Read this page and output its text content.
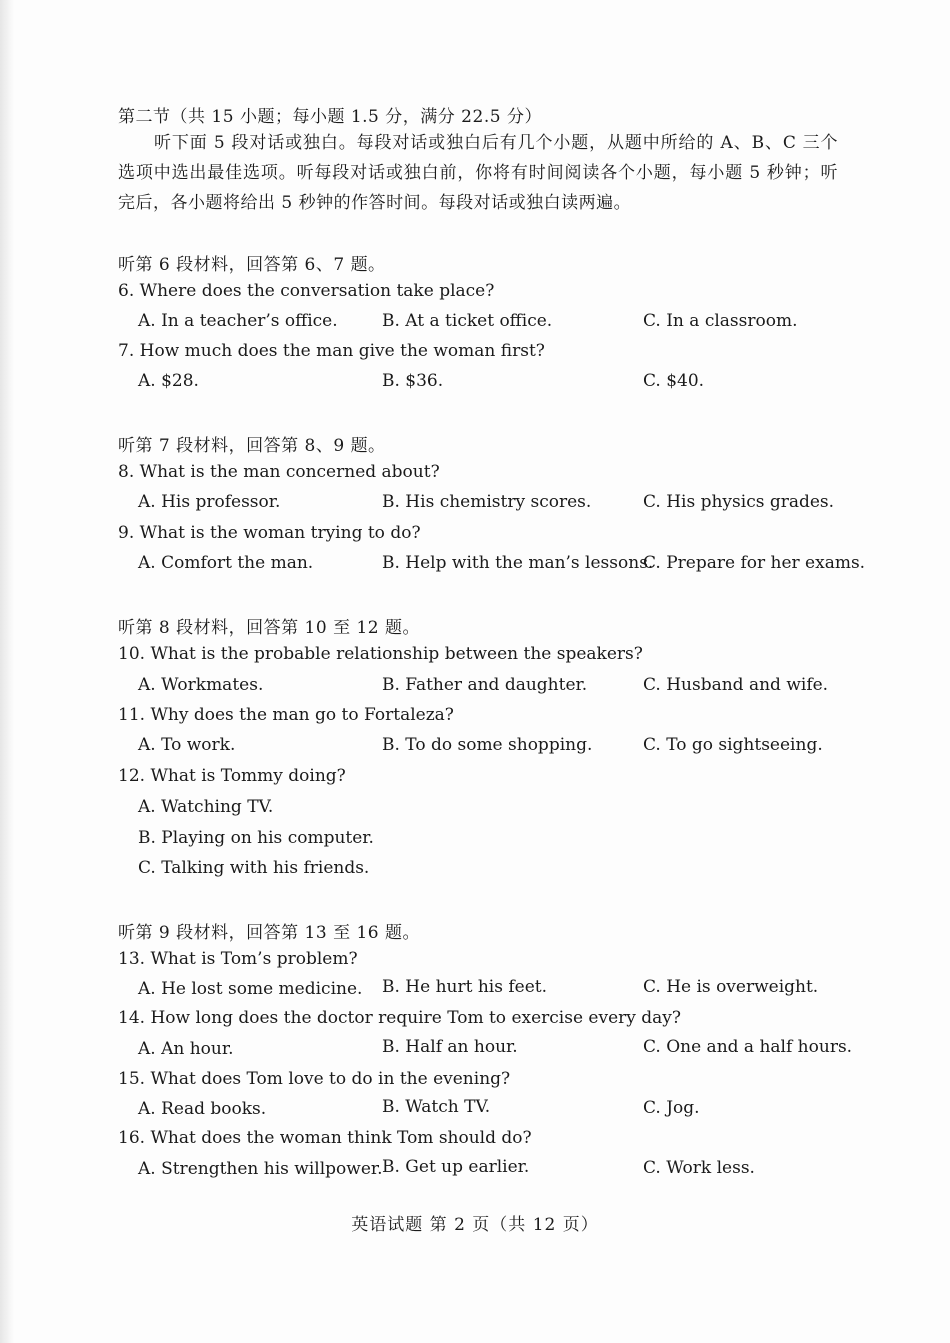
第二节（共 15 小题；每小题 1.5 分，满分 22.5 分）
听下面 5 段对话或独白。每段对话或独白后有几个小题，从题中所给的 A、B、C 三个选项中选出最佳选项。听每段对话或独白前，你将有时间阅读各个小题，每小题 5 秒钟；听完后，各小题将给出 5 秒钟的作答时间。每段对话或独白读两遍。
听第 6 段材料，回答第 6、7 题。
6. Where does the conversation take place?
A. In a teacher’s office.	B. At a ticket office.	C. In a classroom.
7. How much does the man give the woman first?
A. $28.	B. $36.	C. $40.
听第 7 段材料，回答第 8、9 题。
8. What is the man concerned about?
A. His professor.	B. His chemistry scores.	C. His physics grades.
9. What is the woman trying to do?
A. Comfort the man.	B. Help with the man’s lessons.
C. Prepare for her exams.
听第 8 段材料，回答第 10 至 12 题。
10. What is the probable relationship between the speakers?
A. Workmates.	B. Father and daughter.	C. Husband and wife.
11. Why does the man go to Fortaleza?
A. To work.	B. To do some shopping.	C. To go sightseeing.
12. What is Tommy doing?
A. Watching TV.
B. Playing on his computer.
C. Talking with his friends.
听第 9 段材料，回答第 13 至 16 题。
13. What is Tom’s problem?
A. He lost some medicine. B. He hurt his feet.	C. He is overweight.
14. How long does the doctor require Tom to exercise every day?
A. An hour.	B. Half an hour.	C. One and a half hours.
15. What does Tom love to do in the evening?
A. Read books.	B. Watch TV.	C. Jog.
16. What does the woman think Tom should do?
A. Strengthen his willpower. B. Get up earlier.	C. Work less.
英语试题 第 2 页（共 12 页）
